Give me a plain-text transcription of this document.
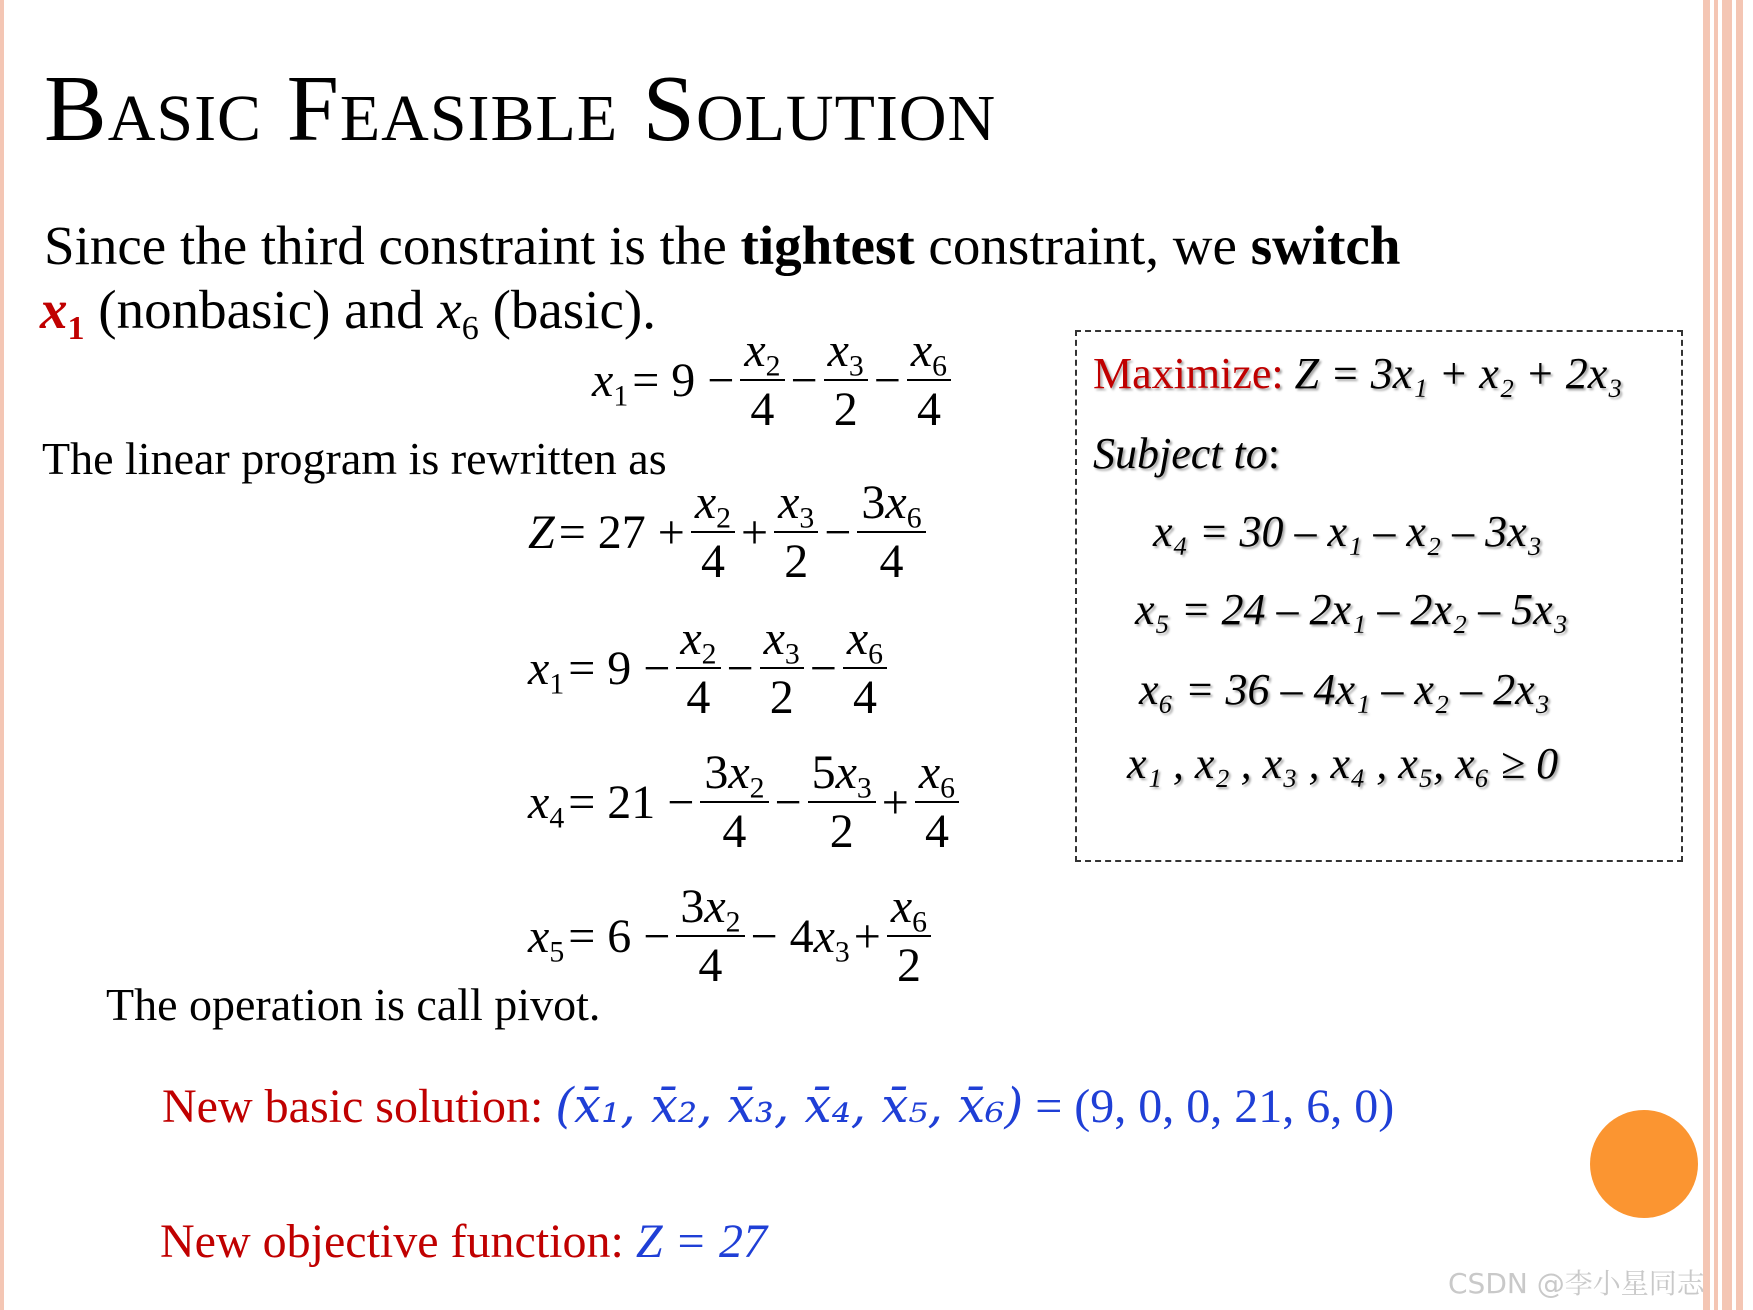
Basic Feasible Solution
Since the third constraint is the tightest constraint, we switch
$x_1$ (nonbasic) and $x_6$ (basic).
$x_1 = 9 - \frac{x_2}{4} - \frac{x_3}{2} - \frac{x_6}{4}$
The linear program is rewritten as
$Z = 27 + \frac{x_2}{4} + \frac{x_3}{2} - \frac{3x_6}{4}$
$x_1 = 9 - \frac{x_2}{4} - \frac{x_3}{2} - \frac{x_6}{4}$
$x_4 = 21 - \frac{3x_2}{4} - \frac{5x_3}{2} + \frac{x_6}{4}$
$x_5 = 6 - \frac{3x_2}{4} - 4x_3 + \frac{x_6}{2}$
The operation is call pivot.
New basic solution: (x̄₁, x̄₂, x̄₃, x̄₄, x̄₅, x̄₆) = (9, 0, 0, 21, 6, 0)
New objective function: Z = 27
Maximize: Z = 3x₁ + x₂ + 2x₃
Subject to:
x₄ = 30 – x₁ – x₂ – 3x₃
x₅ = 24 – 2x₁ – 2x₂ – 5x₃
x₆ = 36 – 4x₁ – x₂ – 2x₃
x₁ , x₂ , x₃ , x₄ , x₅, x₆ ≥ 0
CSDN @李小星同志
